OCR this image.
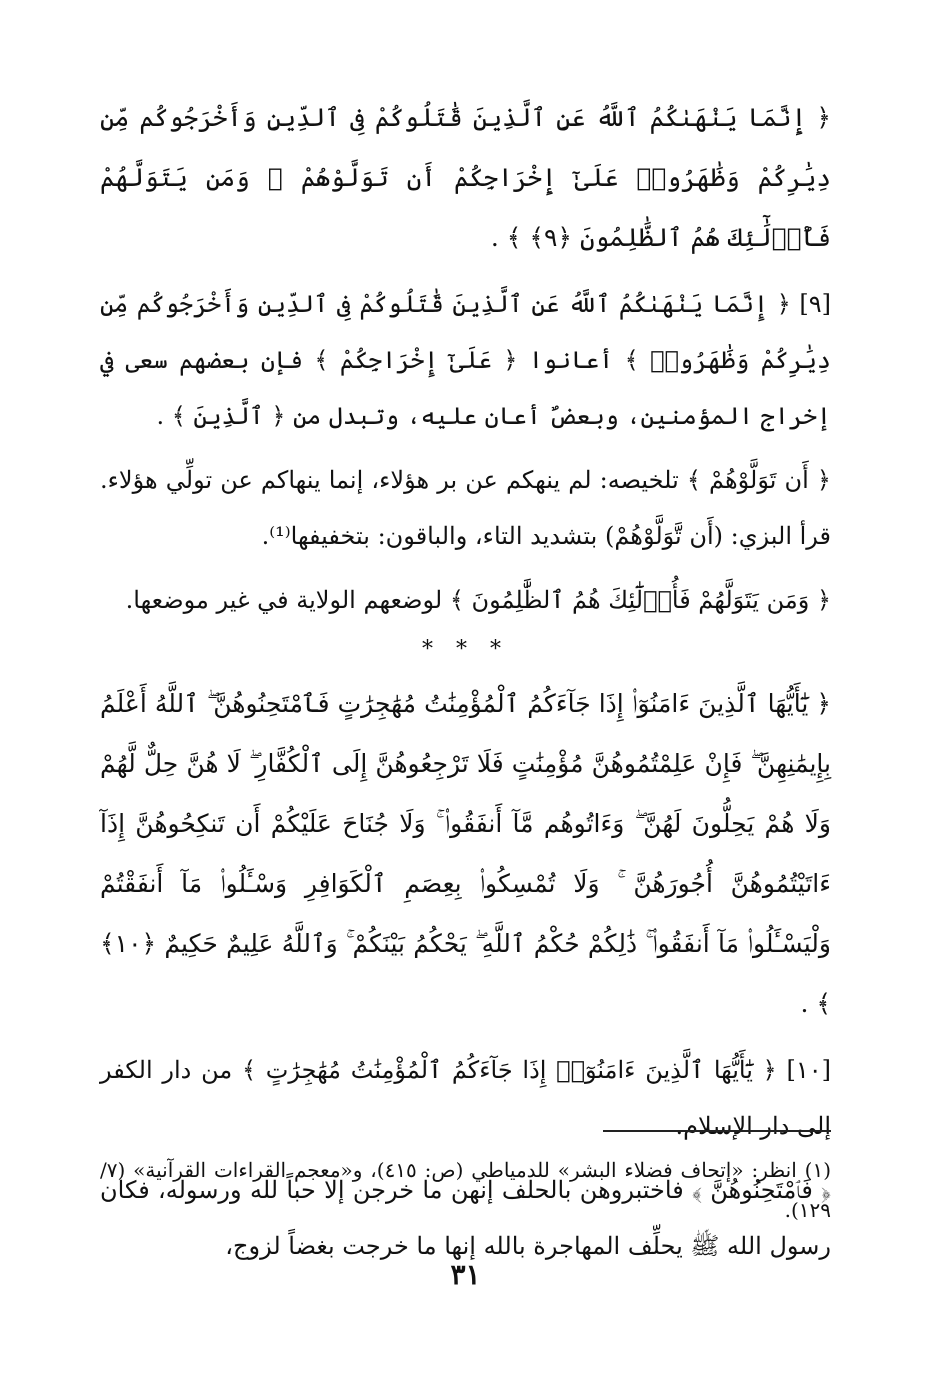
﴿ إِنَّمَا يَنْهَىٰكُمُ ٱللَّهُ عَنِ ٱلَّذِينَ قَٰتَلُوكُمْ فِى ٱلدِّينِ وَأَخْرَجُوكُم مِّن دِيَٰرِكُمْ وَظَٰهَرُوا۟ عَلَىٰٓ إِخْرَاجِكُمْ أَن تَوَلَّوْهُمْ ۚ وَمَن يَتَوَلَّهُمْ فَأُو۟لَٰٓئِكَ هُمُ ٱلظَّٰلِمُونَ ﴿٩﴾ ﴾ .

[٩] ﴿ إِنَّمَا يَنْهَىٰكُمُ ٱللَّهُ عَنِ ٱلَّذِينَ قَٰتَلُوكُمْ فِى ٱلدِّينِ وَأَخْرَجُوكُم مِّن دِيَٰرِكُمْ وَظَٰهَرُوا۟ ﴾ أعانوا ﴿ عَلَىٰٓ إِخْرَاجِكُمْ ﴾ فإن بعضهم سعى في إخراج المؤمنين، وبعضٌ أعان عليه، وتبدل من ﴿ ٱلَّذِينَ ﴾ .

﴿ أَن تَوَلَّوْهُمْ ﴾ تلخيصه: لم ينهكم عن بر هؤلاء، إنما ينهاكم عن تولِّي هؤلاء. قرأ البزي: (أَن تَّوَلَّوْهُمْ) بتشديد التاء، والباقون: بتخفيفها⁽¹⁾.

﴿ وَمَن يَتَوَلَّهُمْ فَأُو۟لَٰٓئِكَ هُمُ ٱلظَّٰلِمُونَ ﴾ لوضعهم الولاية في غير موضعها.

* * *

﴿ يَٰٓأَيُّهَا ٱلَّذِينَ ءَامَنُوٓا۟ إِذَا جَآءَكُمُ ٱلْمُؤْمِنَٰتُ مُهَٰجِرَٰتٍ فَٱمْتَحِنُوهُنَّ ۖ ٱللَّهُ أَعْلَمُ بِإِيمَٰنِهِنَّ ۖ فَإِنْ عَلِمْتُمُوهُنَّ مُؤْمِنَٰتٍ فَلَا تَرْجِعُوهُنَّ إِلَى ٱلْكُفَّارِ ۖ لَا هُنَّ حِلٌّ لَّهُمْ وَلَا هُمْ يَحِلُّونَ لَهُنَّ ۖ وَءَاتُوهُم مَّآ أَنفَقُوا۟ ۚ وَلَا جُنَاحَ عَلَيْكُمْ أَن تَنكِحُوهُنَّ إِذَآ ءَاتَيْتُمُوهُنَّ أُجُورَهُنَّ ۚ وَلَا تُمْسِكُوا۟ بِعِصَمِ ٱلْكَوَافِرِ وَسْـَٔلُوا۟ مَآ أَنفَقْتُمْ وَلْيَسْـَٔلُوا۟ مَآ أَنفَقُوا۟ ۚ ذَٰلِكُمْ حُكْمُ ٱللَّهِ ۖ يَحْكُمُ بَيْنَكُمْ ۚ وَٱللَّهُ عَلِيمٌ حَكِيمٌ ﴿١٠﴾ ﴾ .

[١٠] ﴿ يَٰٓأَيُّهَا ٱلَّذِينَ ءَامَنُوٓا۟ إِذَا جَآءَكُمُ ٱلْمُؤْمِنَٰتُ مُهَٰجِرَٰتٍ ﴾ من دار الكفر إلى دار الإسلام.

﴿ فَٱمْتَحِنُوهُنَّ ﴾ فاختبروهن بالحلف إنهن ما خرجن إلا حباً لله ورسوله، فكان رسول الله ﷺ يحلِّف المهاجرة بالله إنها ما خرجت بغضاً لزوج،

(١) انظر: «إتحاف فضلاء البشر» للدمياطي (ص: ٤١٥)، و«معجم القراءات القرآنية» (٧/ ١٢٩).

٣١
